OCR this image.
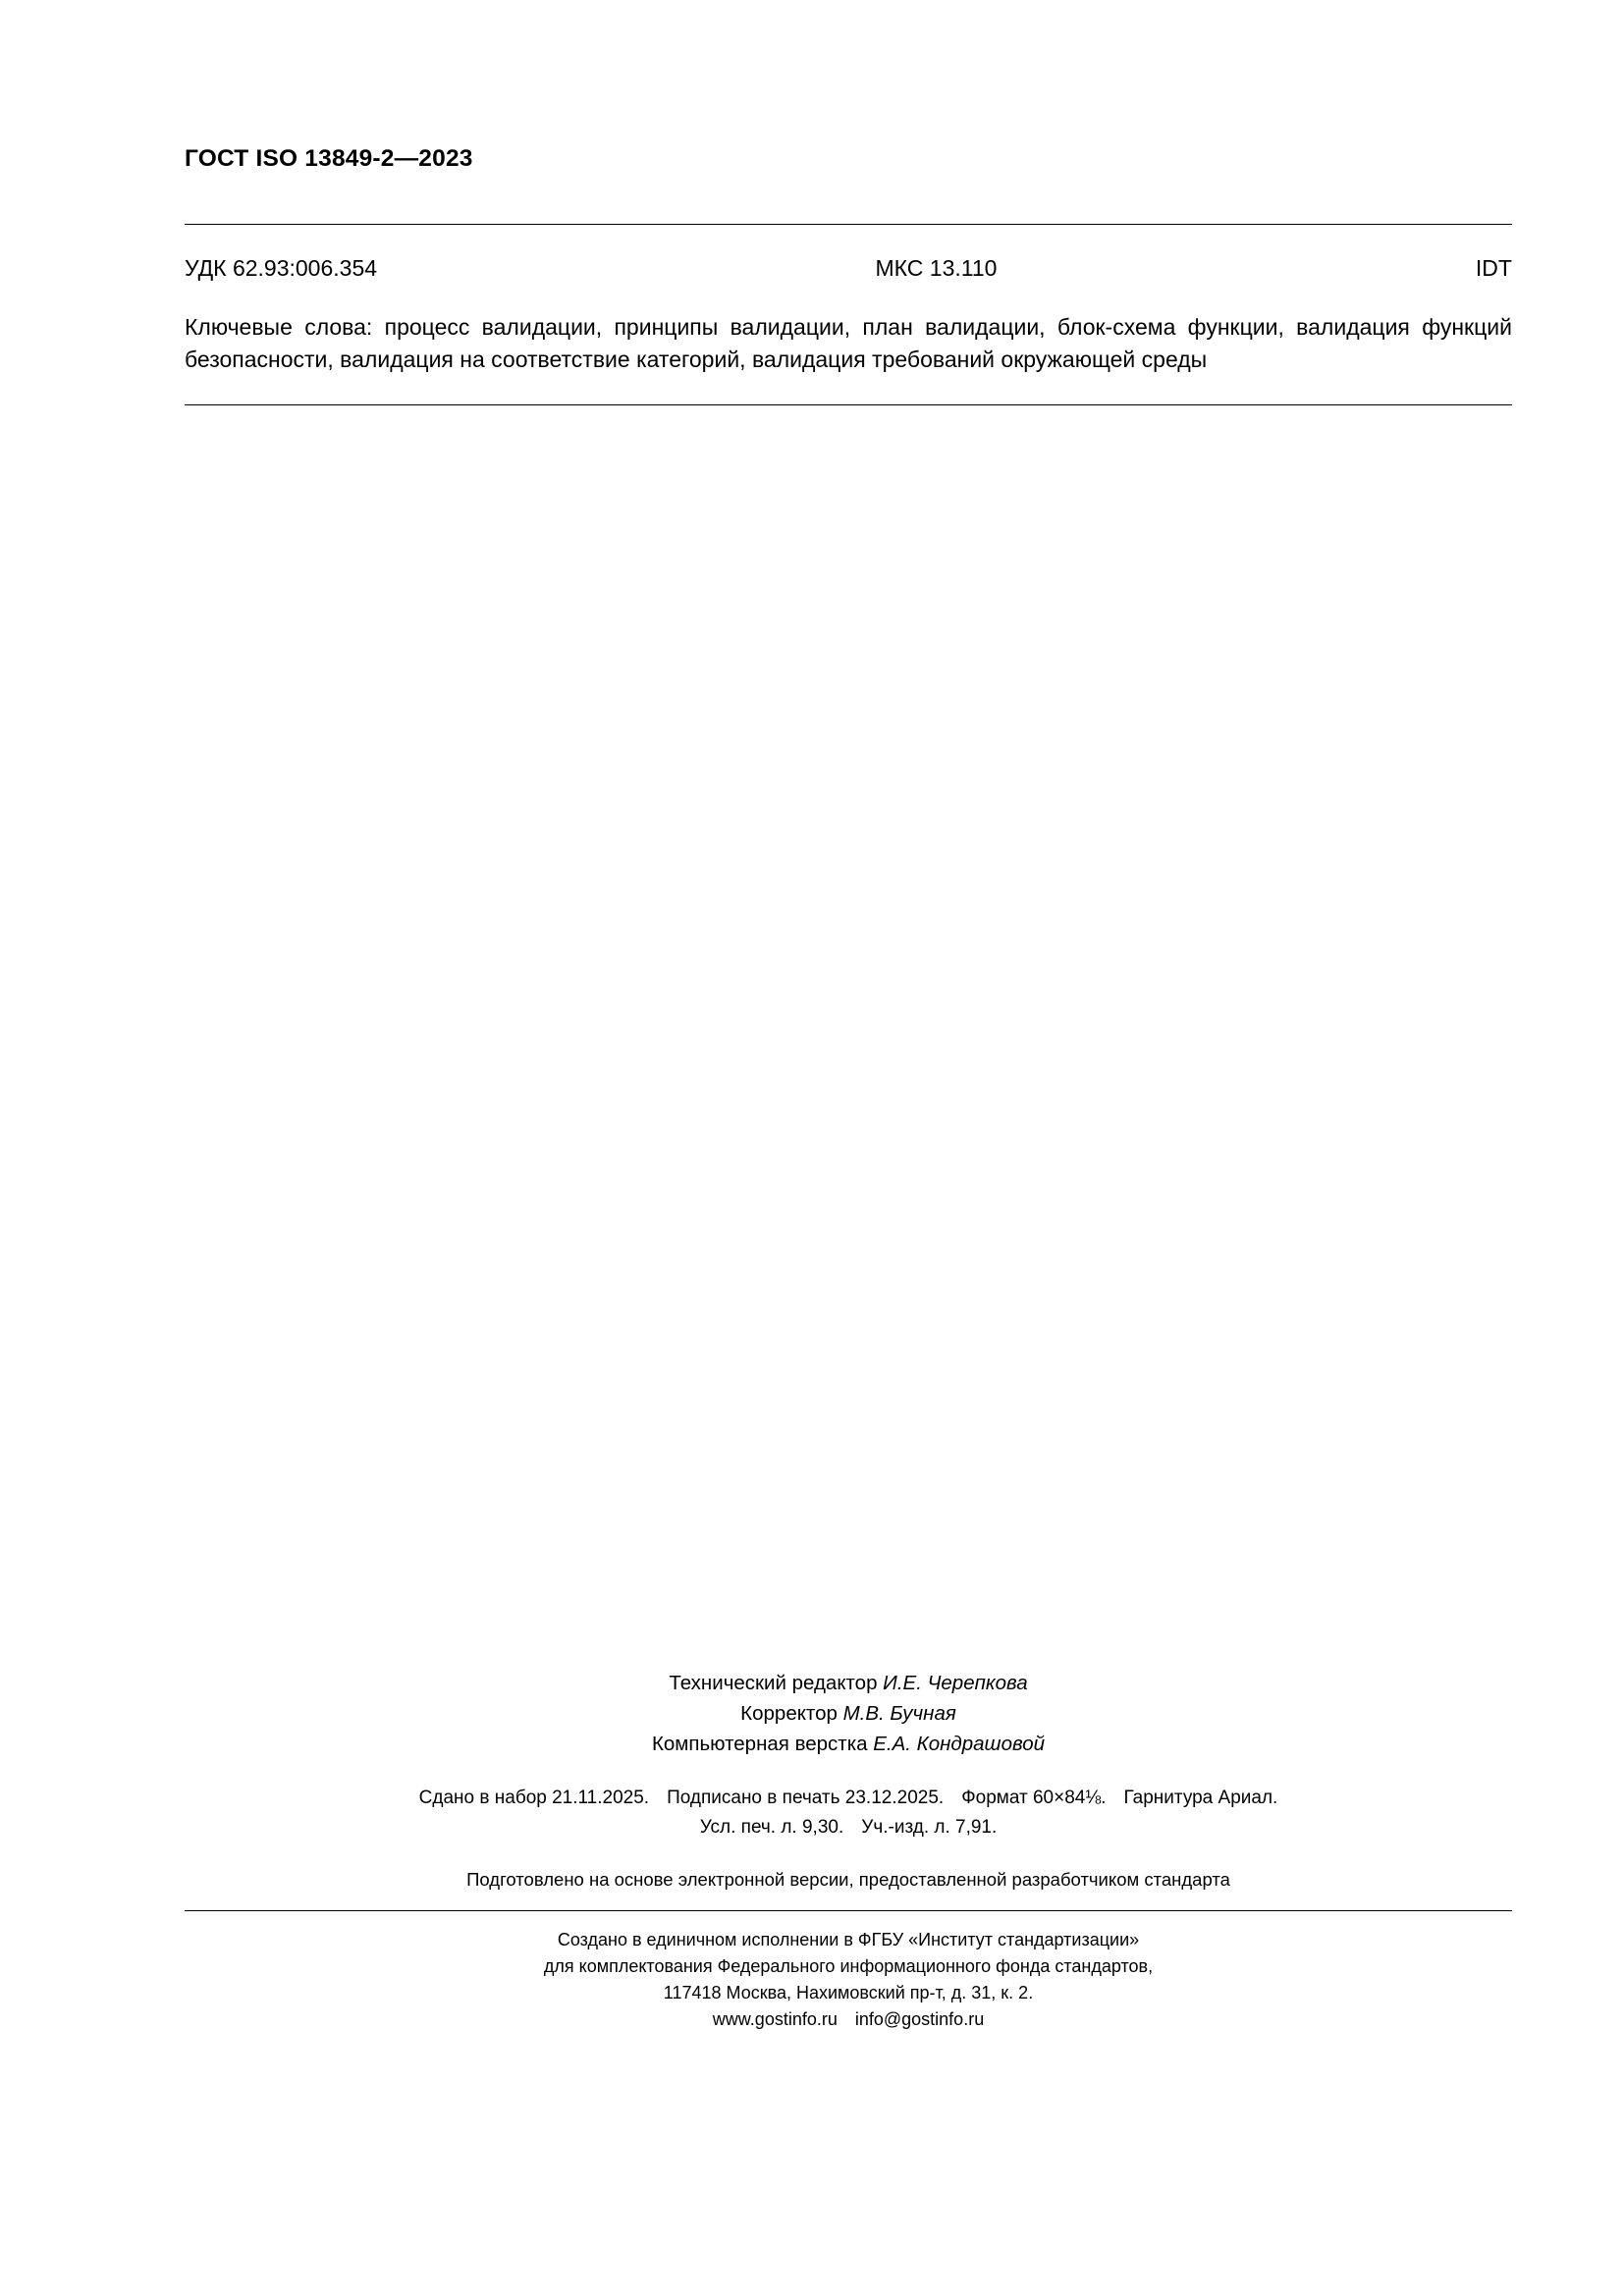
ГОСТ ISO 13849-2—2023
УДК 62.93:006.354	МКС 13.110	IDT
Ключевые слова: процесс валидации, принципы валидации, план валидации, блок-схема функции, валидация функций безопасности, валидация на соответствие категорий, валидация требований окружающей среды
Технический редактор И.Е. Черепкова
Корректор М.В. Бучная
Компьютерная верстка Е.А. Кондрашовой
Сдано в набор 21.11.2025. Подписано в печать 23.12.2025. Формат 60×84⅛. Гарнитура Ариал.
Усл. печ. л. 9,30. Уч.-изд. л. 7,91.
Подготовлено на основе электронной версии, предоставленной разработчиком стандарта
Создано в единичном исполнении в ФГБУ «Институт стандартизации»
для комплектования Федерального информационного фонда стандартов,
117418 Москва, Нахимовский пр-т, д. 31, к. 2.
www.gostinfo.ru info@gostinfo.ru
